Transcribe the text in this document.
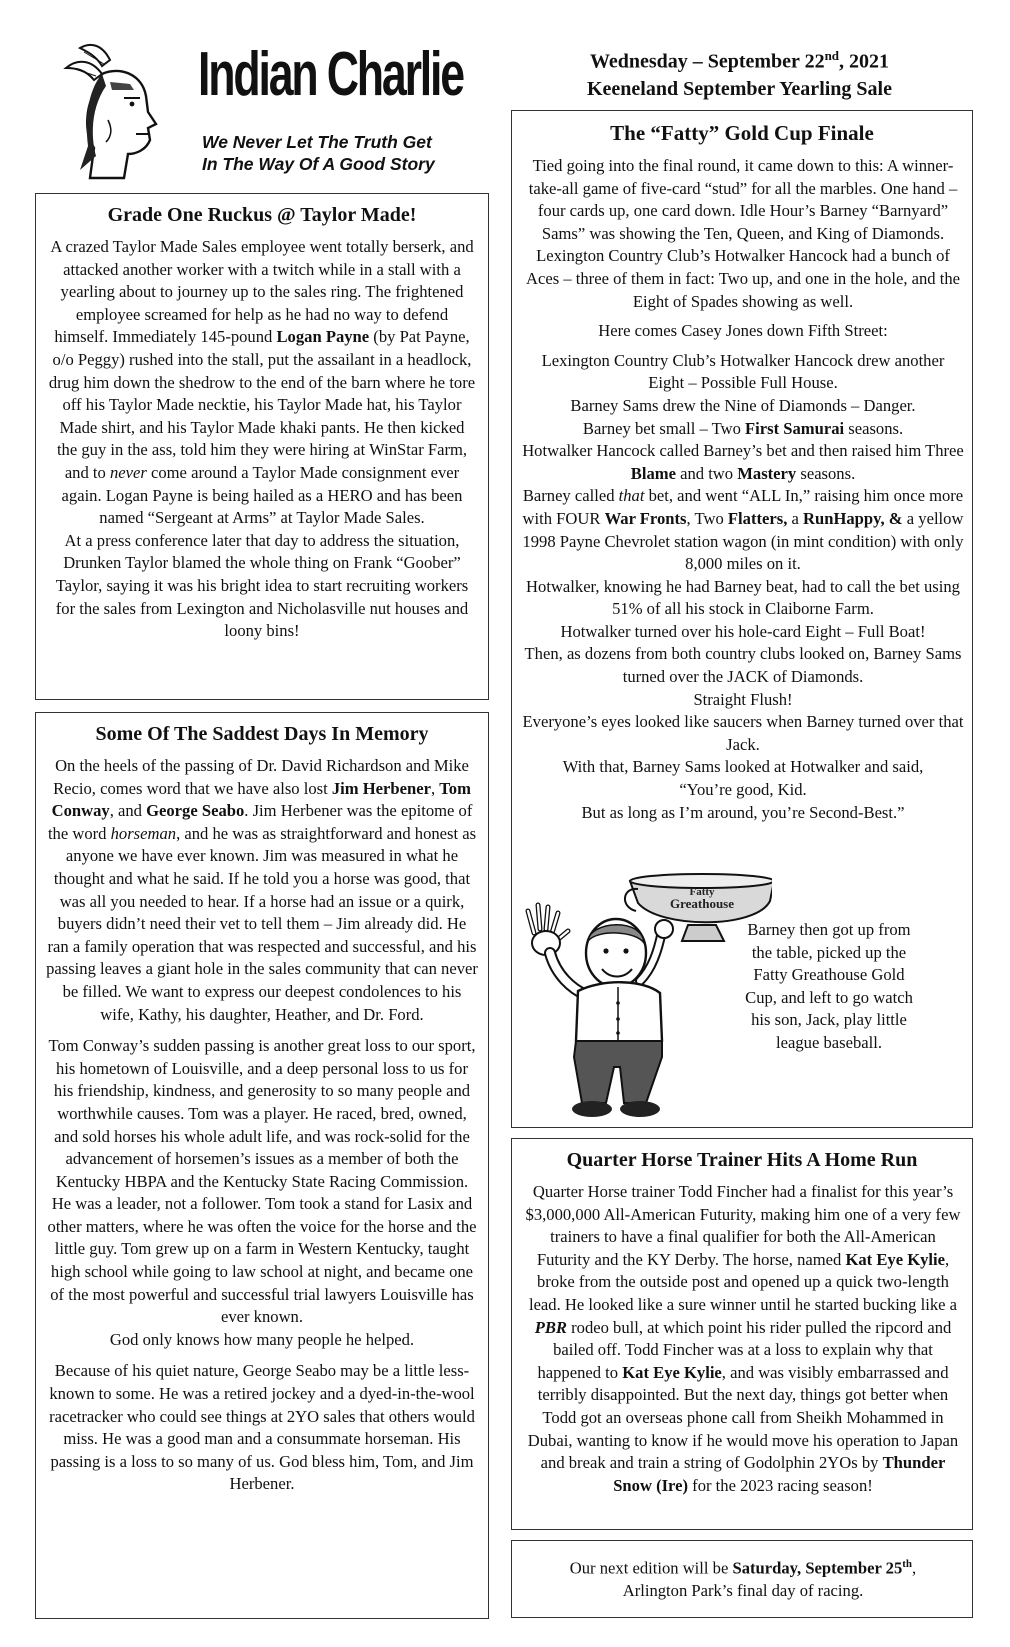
Indian Charlie
We Never Let The Truth Get
In The Way Of A Good Story
Wednesday – September 22nd, 2021
Keeneland September Yearling Sale
Grade One Ruckus @ Taylor Made!

A crazed Taylor Made Sales employee went totally berserk, and attacked another worker with a twitch while in a stall with a yearling about to journey up to the sales ring. The frightened employee screamed for help as he had no way to defend himself. Immediately 145-pound Logan Payne (by Pat Payne, o/o Peggy) rushed into the stall, put the assailant in a headlock, drug him down the shedrow to the end of the barn where he tore off his Taylor Made necktie, his Taylor Made hat, his Taylor Made shirt, and his Taylor Made khaki pants. He then kicked the guy in the ass, told him they were hiring at WinStar Farm, and to never come around a Taylor Made consignment ever again. Logan Payne is being hailed as a HERO and has been named “Sergeant at Arms” at Taylor Made Sales.

At a press conference later that day to address the situation, Drunken Taylor blamed the whole thing on Frank “Goober” Taylor, saying it was his bright idea to start recruiting workers for the sales from Lexington and Nicholasville nut houses and loony bins!

Some Of The Saddest Days In Memory

On the heels of the passing of Dr. David Richardson and Mike Recio, comes word that we have also lost Jim Herbener, Tom Conway, and George Seabo. Jim Herbener was the epitome of the word horseman, and he was as straightforward and honest as anyone we have ever known. Jim was measured in what he thought and what he said. If he told you a horse was good, that was all you needed to hear. If a horse had an issue or a quirk, buyers didn’t need their vet to tell them – Jim already did. He ran a family operation that was respected and successful, and his passing leaves a giant hole in the sales community that can never be filled. We want to express our deepest condolences to his wife, Kathy, his daughter, Heather, and Dr. Ford.

Tom Conway’s sudden passing is another great loss to our sport, his hometown of Louisville, and a deep personal loss to us for his friendship, kindness, and generosity to so many people and worthwhile causes. Tom was a player. He raced, bred, owned, and sold horses his whole adult life, and was rock-solid for the advancement of horsemen’s issues as a member of both the Kentucky HBPA and the Kentucky State Racing Commission. He was a leader, not a follower. Tom took a stand for Lasix and other matters, where he was often the voice for the horse and the little guy. Tom grew up on a farm in Western Kentucky, taught high school while going to law school at night, and became one of the most powerful and successful trial lawyers Louisville has ever known.

God only knows how many people he helped.

Because of his quiet nature, George Seabo may be a little less-known to some. He was a retired jockey and a dyed-in-the-wool racetracker who could see things at 2YO sales that others would miss. He was a good man and a consummate horseman. His passing is a loss to so many of us. God bless him, Tom, and Jim Herbener.

The “Fatty” Gold Cup Finale

Tied going into the final round, it came down to this: A winner-take-all game of five-card “stud” for all the marbles. One hand – four cards up, one card down. Idle Hour’s Barney “Barnyard” Sams” was showing the Ten, Queen, and King of Diamonds.

Lexington Country Club’s Hotwalker Hancock had a bunch of Aces – three of them in fact: Two up, and one in the hole, and the Eight of Spades showing as well.

Here comes Casey Jones down Fifth Street:

Lexington Country Club’s Hotwalker Hancock drew another Eight – Possible Full House.

Barney Sams drew the Nine of Diamonds – Danger.

Barney bet small – Two First Samurai seasons.

Hotwalker Hancock called Barney’s bet and then raised him Three Blame and two Mastery seasons.

Barney called that bet, and went “ALL In,” raising him once more with FOUR War Fronts, Two Flatters, a RunHappy, & a yellow 1998 Payne Chevrolet station wagon (in mint condition) with only 8,000 miles on it.

Hotwalker, knowing he had Barney beat, had to call the bet using 51% of all his stock in Claiborne Farm.

Hotwalker turned over his hole-card Eight – Full Boat!

Then, as dozens from both country clubs looked on, Barney Sams turned over the JACK of Diamonds.

Straight Flush!

Everyone’s eyes looked like saucers when Barney turned over that Jack.

With that, Barney Sams looked at Hotwalker and said,

“You’re good, Kid.

But as long as I’m around, you’re Second-Best.”

Fatty
Greathouse
Barney then got up from the table, picked up the Fatty Greathouse Gold Cup, and left to go watch his son, Jack, play little league baseball.
Quarter Horse Trainer Hits A Home Run

Quarter Horse trainer Todd Fincher had a finalist for this year’s $3,000,000 All-American Futurity, making him one of a very few trainers to have a final qualifier for both the All-American Futurity and the KY Derby. The horse, named Kat Eye Kylie, broke from the outside post and opened up a quick two-length lead. He looked like a sure winner until he started bucking like a PBR rodeo bull, at which point his rider pulled the ripcord and bailed off. Todd Fincher was at a loss to explain why that happened to Kat Eye Kylie, and was visibly embarrassed and terribly disappointed. But the next day, things got better when Todd got an overseas phone call from Sheikh Mohammed in Dubai, wanting to know if he would move his operation to Japan and break and train a string of Godolphin 2YOs by Thunder Snow (Ire) for the 2023 racing season!

Our next edition will be Saturday, September 25th,

Arlington Park’s final day of racing.
